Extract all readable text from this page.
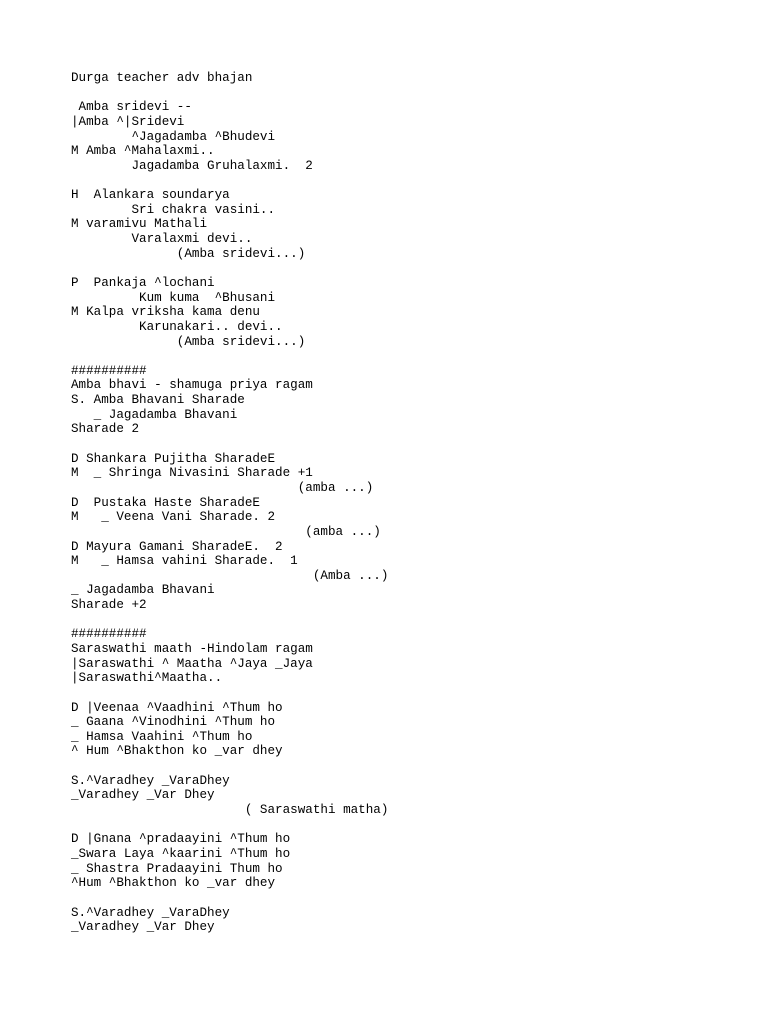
Durga teacher adv bhajan
Amba sridevi --
|Amba ^|Sridevi
^Jagadamba ^Bhudevi
M Amba ^Mahalaxmi..
Jagadamba Gruhalaxmi.  2
H  Alankara soundarya
Sri chakra vasini..
M varamivu Mathali
Varalaxmi devi..
(Amba sridevi...)
P  Pankaja ^lochani
Kum kuma  ^Bhusani
M Kalpa vriksha kama denu
Karunakari.. devi..
(Amba sridevi...)
##########
Amba bhavi - shamuga priya ragam
S. Amba Bhavani Sharade
_ Jagadamba Bhavani
Sharade 2
D Shankara Pujitha SharadeE
M  _ Shringa Nivasini Sharade +1
(amba ...)
D  Pustaka Haste SharadeE
M   _ Veena Vani Sharade. 2
(amba ...)
D Mayura Gamani SharadeE.  2
M   _ Hamsa vahini Sharade.  1
(Amba ...)
_ Jagadamba Bhavani
Sharade +2
##########
Saraswathi maath -Hindolam ragam
|Saraswathi ^ Maatha ^Jaya _Jaya
|Saraswathi^Maatha..
D |Veenaa ^Vaadhini ^Thum ho
_ Gaana ^Vinodhini ^Thum ho
_ Hamsa Vaahini ^Thum ho
^ Hum ^Bhakthon ko _var dhey
S.^Varadhey _VaraDhey
_Varadhey _Var Dhey
( Saraswathi matha)
D |Gnana ^pradaayini ^Thum ho
_Swara Laya ^kaarini ^Thum ho
_ Shastra Pradaayini Thum ho
^Hum ^Bhakthon ko _var dhey
S.^Varadhey _VaraDhey
_Varadhey _Var Dhey
